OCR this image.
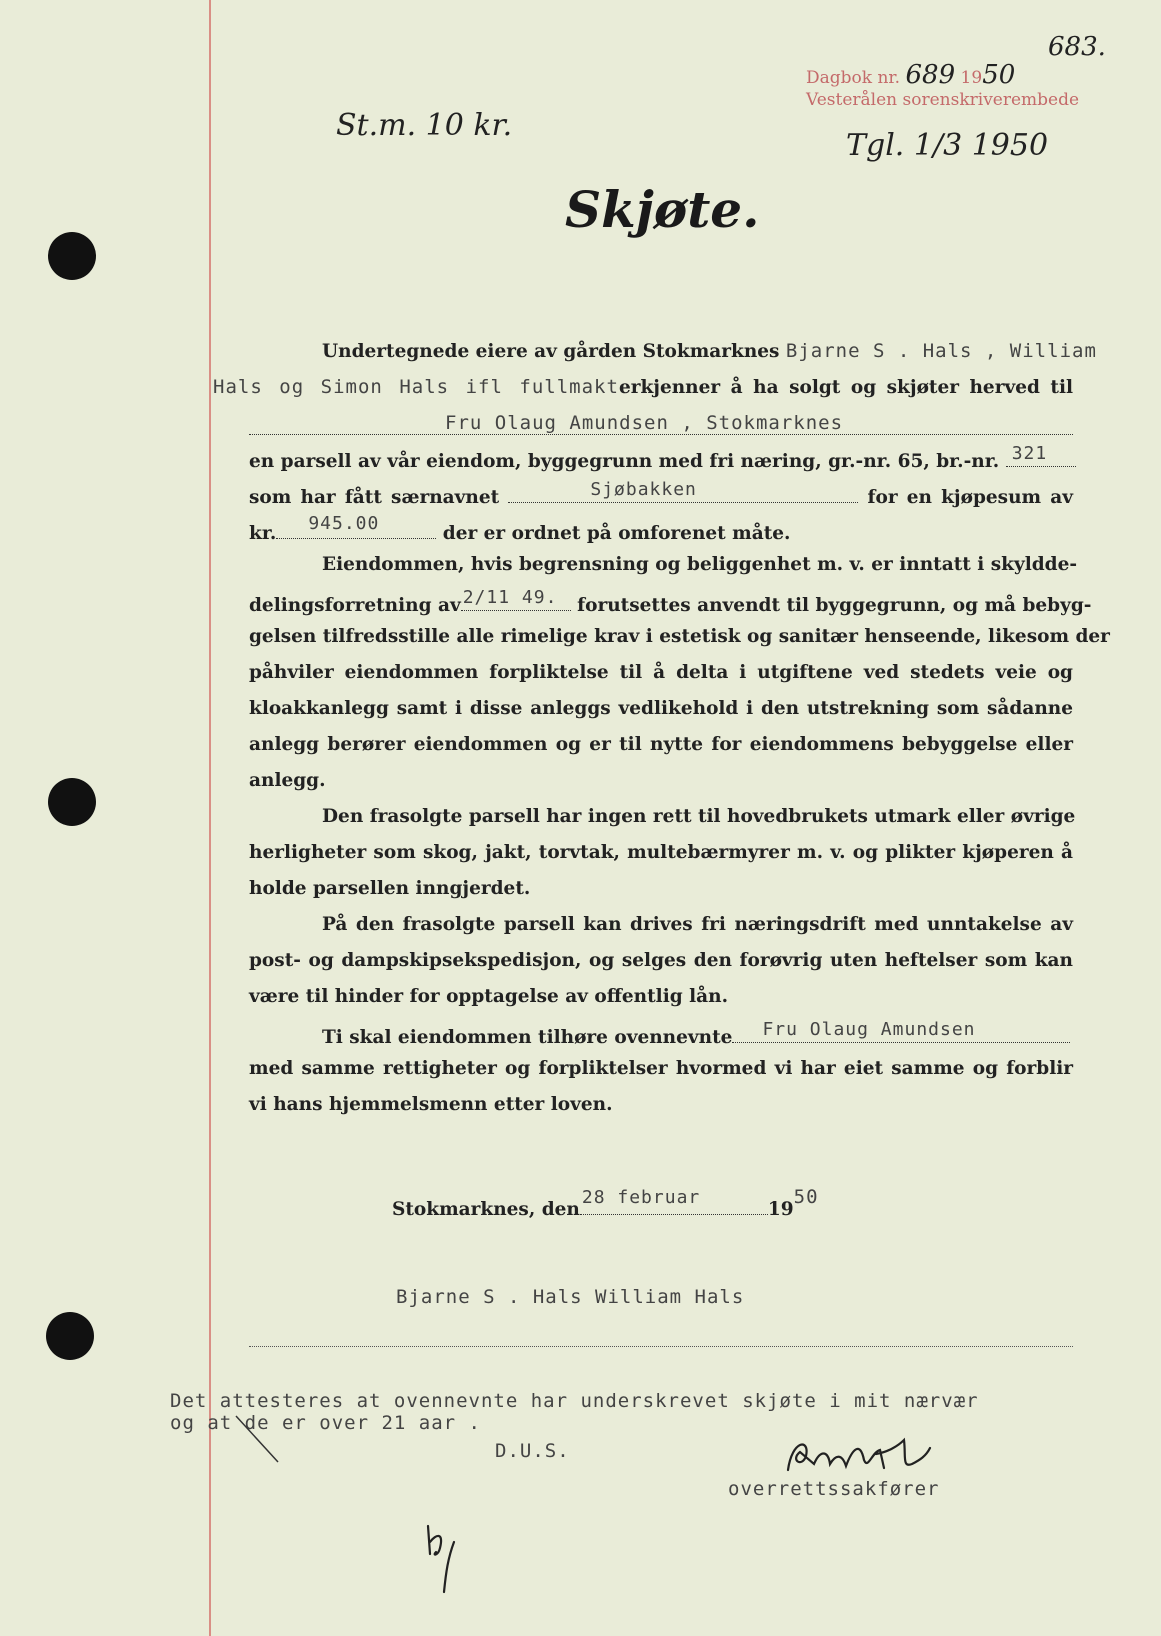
Dagbok nr. 689 1950
Vesterålen sorenskriverembede
683.
St.m. 10 kr.
Tgl. 1/3 1950
Skjøte.
Undertegnede eiere av gården Stokmarknes Bjarne S . Hals , William
Hals og Simon Hals ifl fullmakterkjenner å ha solgt og skjøter herved til
Fru Olaug Amundsen , Stokmarknes
en parsell av vår eiendom, byggegrunn med fri næring, gr.-nr. 65, br.-nr. 321
som har fått særnavnet	Sjøbakken	for en kjøpesum av
kr. 945.00	der er ordnet på omforenet måte.
Eiendommen, hvis begrensning og beliggenhet m. v. er inntatt i skyldde-
delingsforretning av 2/11 49. forutsettes anvendt til byggegrunn, og må bebyg-
gelsen tilfredsstille alle rimelige krav i estetisk og sanitær henseende, likesom der
påhviler eiendommen forpliktelse til å delta i utgiftene ved stedets veie og
kloakkanlegg samt i disse anleggs vedlikehold i den utstrekning som sådanne
anlegg berører eiendommen og er til nytte for eiendommens bebyggelse eller
anlegg.
Den frasolgte parsell har ingen rett til hovedbrukets utmark eller øvrige
herligheter som skog, jakt, torvtak, multebærmyrer m. v. og plikter kjøperen å
holde parsellen inngjerdet.
På den frasolgte parsell kan drives fri næringsdrift med unntakelse av
post- og dampskipsekspedisjon, og selges den forøvrig uten heftelser som kan
være til hinder for opptagelse av offentlig lån.
Ti skal eiendommen tilhøre ovennevnte Fru Olaug Amundsen
med samme rettigheter og forpliktelser hvormed vi har eiet samme og forblir
vi hans hjemmelsmenn etter loven.
Stokmarknes, den
28 februar
1950
Bjarne S . Hals William Hals
Det attesteres at ovennevnte har underskrevet skjøte i mit nærvær
og at de er over 21 aar .
D.U.S.
overrettssakfører
